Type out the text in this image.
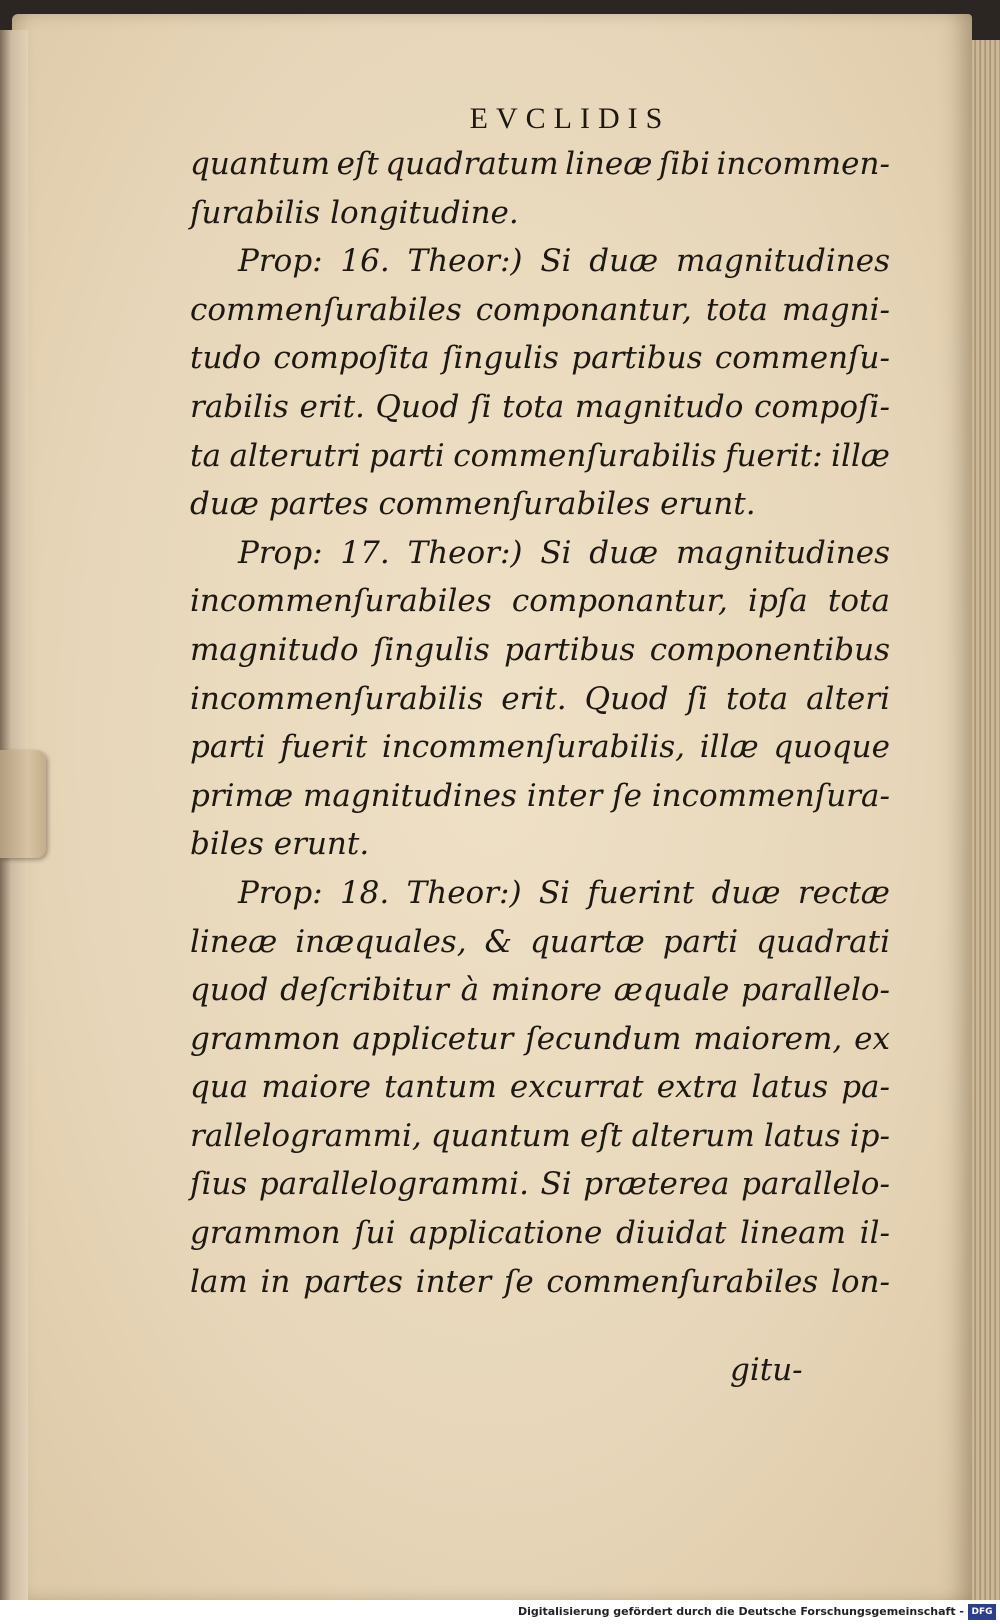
EVCLIDIS
quantum eſt quadratum lineæ ſibi incommen-
ſurabilis longitudine.
Prop: 16. Theor:) Si duæ magnitudines
commenſurabiles componantur, tota magni-
tudo compoſita ſingulis partibus commenſu-
rabilis erit. Quod ſi tota magnitudo compoſi-
ta alterutri parti commenſurabilis fuerit: illæ
duæ partes commenſurabiles erunt.
Prop: 17. Theor:) Si duæ magnitudines
incommenſurabiles componantur, ipſa tota
magnitudo ſingulis partibus componentibus
incommenſurabilis erit. Quod ſi tota alteri
parti fuerit incommenſurabilis, illæ quoque
primæ magnitudines inter ſe incommenſura-
biles erunt.
Prop: 18. Theor:) Si fuerint duæ rectæ
lineæ inæquales, & quartæ parti quadrati
quod deſcribitur à minore æquale parallelo-
grammon applicetur ſecundum maiorem, ex
qua maiore tantum excurrat extra latus pa-
rallelogrammi, quantum eſt alterum latus ip-
ſius parallelogrammi. Si præterea parallelo-
grammon ſui applicatione diuidat lineam il-
lam in partes inter ſe commenſurabiles lon-
gitu-
Digitalisierung gefördert durch die Deutsche Forschungsgemeinschaft - DFG
